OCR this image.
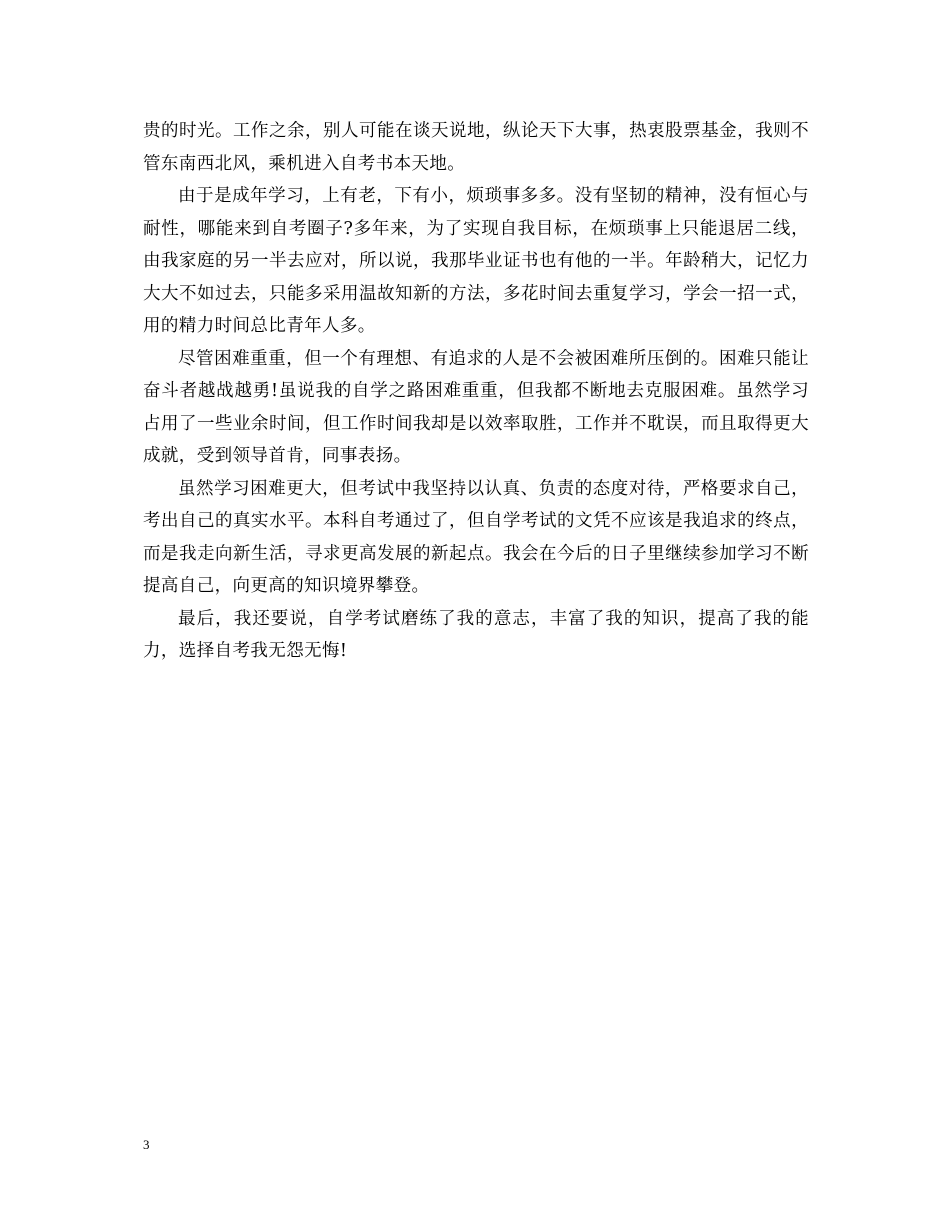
贵的时光。工作之余，别人可能在谈天说地，纵论天下大事，热衷股票基金，我则不管东南西北风，乘机进入自考书本天地。

由于是成年学习，上有老，下有小，烦琐事多多。没有坚韧的精神，没有恒心与耐性，哪能来到自考圈子?多年来，为了实现自我目标，在烦琐事上只能退居二线，由我家庭的另一半去应对，所以说，我那毕业证书也有他的一半。年龄稍大，记忆力大大不如过去，只能多采用温故知新的方法，多花时间去重复学习，学会一招一式，用的精力时间总比青年人多。

尽管困难重重，但一个有理想、有追求的人是不会被困难所压倒的。困难只能让奋斗者越战越勇!虽说我的自学之路困难重重，但我都不断地去克服困难。虽然学习占用了一些业余时间，但工作时间我却是以效率取胜，工作并不耽误，而且取得更大成就，受到领导首肯，同事表扬。

虽然学习困难更大，但考试中我坚持以认真、负责的态度对待，严格要求自己，考出自己的真实水平。本科自考通过了，但自学考试的文凭不应该是我追求的终点，而是我走向新生活，寻求更高发展的新起点。我会在今后的日子里继续参加学习不断提高自己，向更高的知识境界攀登。

最后，我还要说，自学考试磨练了我的意志，丰富了我的知识，提高了我的能力，选择自考我无怨无悔!

3
